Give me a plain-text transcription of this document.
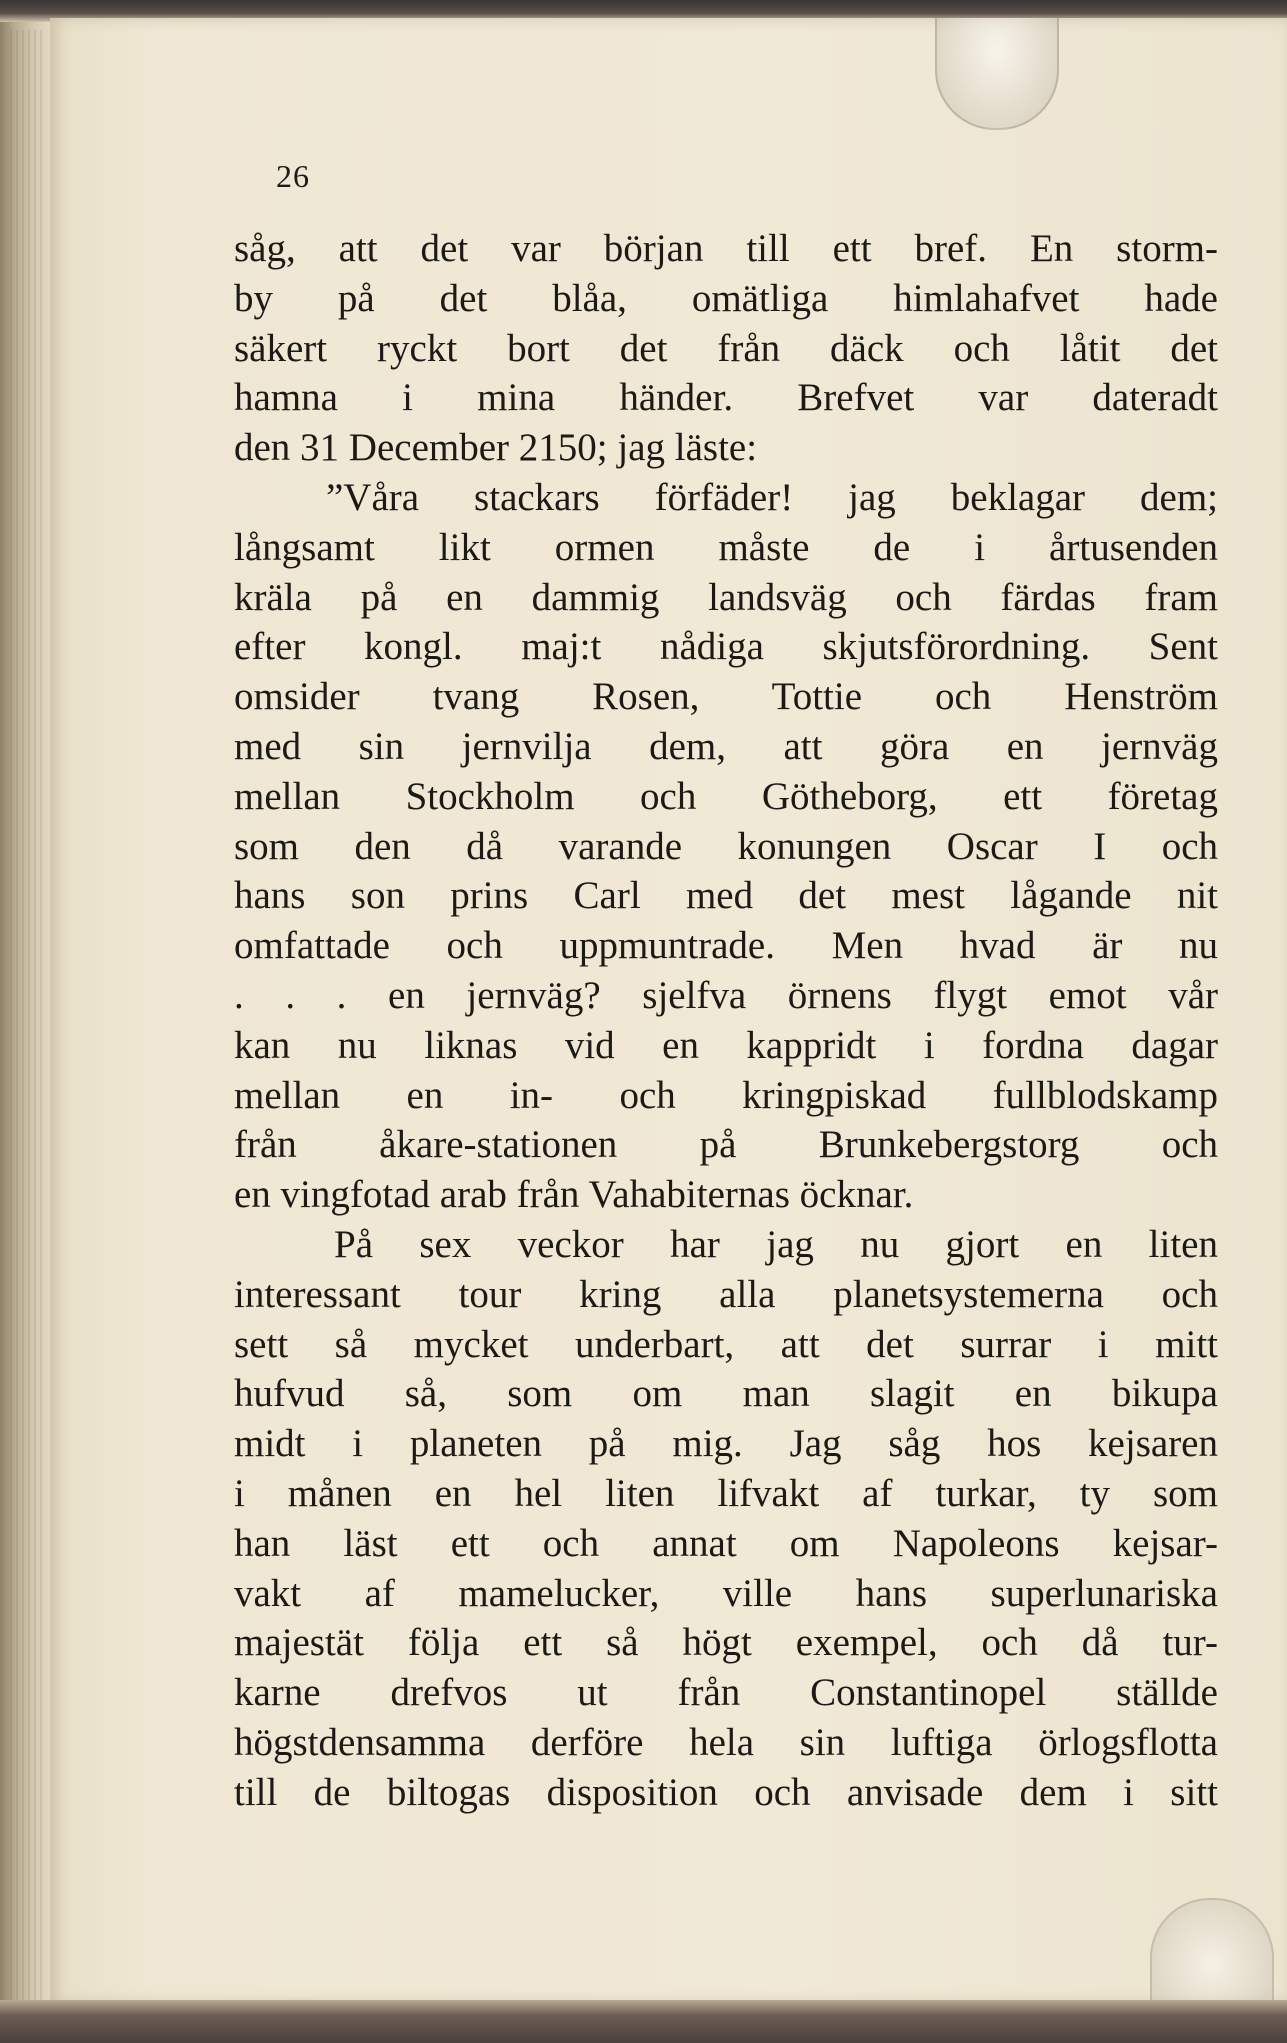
26
såg, att det var början till ett bref. En storm-
by på det blåa, omätliga himlahafvet hade
säkert ryckt bort det från däck och låtit det
hamna i mina händer. Brefvet var dateradt
den 31 December 2150; jag läste:
”Våra stackars förfäder! jag beklagar dem;
långsamt likt ormen måste de i årtusenden
kräla på en dammig landsväg och färdas fram
efter kongl. maj:t nådiga skjutsförordning. Sent
omsider tvang Rosen, Tottie och Henström
med sin jernvilja dem, att göra en jernväg
mellan Stockholm och Götheborg, ett företag
som den då varande konungen Oscar I och
hans son prins Carl med det mest lågande nit
omfattade och uppmuntrade. Men hvad är nu
. . . en jernväg? sjelfva örnens flygt emot vår
kan nu liknas vid en kappridt i fordna dagar
mellan en in- och kringpiskad fullblodskamp
från åkare-stationen på Brunkebergstorg och
en vingfotad arab från Vahabiternas öcknar.
På sex veckor har jag nu gjort en liten
interessant tour kring alla planetsystemerna och
sett så mycket underbart, att det surrar i mitt
hufvud så, som om man slagit en bikupa
midt i planeten på mig. Jag såg hos kejsaren
i månen en hel liten lifvakt af turkar, ty som
han läst ett och annat om Napoleons kejsar-
vakt af mamelucker, ville hans superlunariska
majestät följa ett så högt exempel, och då tur-
karne drefvos ut från Constantinopel ställde
högstdensamma derföre hela sin luftiga örlogsflotta
till de biltogas disposition och anvisade dem i sitt
